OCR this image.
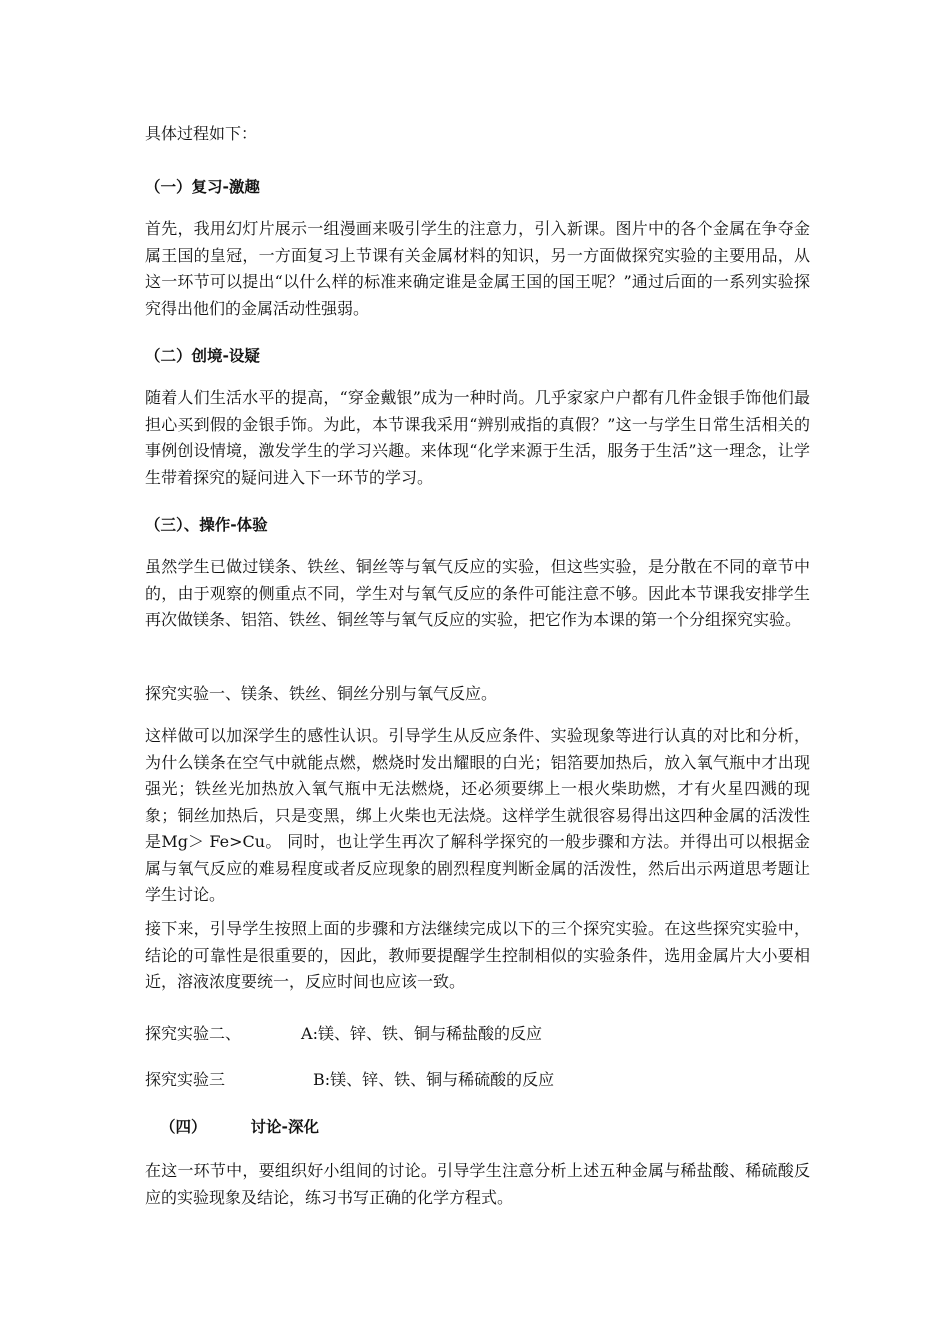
具体过程如下：
（一）复习-激趣
首先，我用幻灯片展示一组漫画来吸引学生的注意力，引入新课。图片中的各个金属在争夺金属王国的皇冠，一方面复习上节课有关金属材料的知识，另一方面做探究实验的主要用品，从这一环节可以提出“以什么样的标准来确定谁是金属王国的国王呢？”通过后面的一系列实验探究得出他们的金属活动性强弱。
（二）创境-设疑
随着人们生活水平的提高，“穿金戴银”成为一种时尚。几乎家家户户都有几件金银手饰他们最担心买到假的金银手饰。为此，本节课我采用“辨别戒指的真假？”这一与学生日常生活相关的事例创设情境，激发学生的学习兴趣。来体现“化学来源于生活，服务于生活”这一理念，让学生带着探究的疑问进入下一环节的学习。
（三）、操作-体验
虽然学生已做过镁条、铁丝、铜丝等与氧气反应的实验，但这些实验，是分散在不同的章节中的，由于观察的侧重点不同，学生对与氧气反应的条件可能注意不够。因此本节课我安排学生再次做镁条、铝箔、铁丝、铜丝等与氧气反应的实验，把它作为本课的第一个分组探究实验。
探究实验一、镁条、铁丝、铜丝分别与氧气反应。
这样做可以加深学生的感性认识。引导学生从反应条件、实验现象等进行认真的对比和分析，为什么镁条在空气中就能点燃，燃烧时发出耀眼的白光；铝箔要加热后，放入氧气瓶中才出现强光；铁丝光加热放入氧气瓶中无法燃烧，还必须要绑上一根火柴助燃，才有火星四溅的现象；铜丝加热后，只是变黑，绑上火柴也无法烧。这样学生就很容易得出这四种金属的活泼性是Mg＞ Fe>Cu。 同时，也让学生再次了解科学探究的一般步骤和方法。并得出可以根据金属与氧气反应的难易程度或者反应现象的剧烈程度判断金属的活泼性，然后出示两道思考题让学生讨论。
接下来，引导学生按照上面的步骤和方法继续完成以下的三个探究实验。在这些探究实验中，结论的可靠性是很重要的，因此，教师要提醒学生控制相似的实验条件，选用金属片大小要相近，溶液浓度要统一，反应时间也应该一致。
探究实验二、	A:镁、锌、铁、铜与稀盐酸的反应
探究实验三	B:镁、锌、铁、铜与稀硫酸的反应
（四）	讨论-深化
在这一环节中，要组织好小组间的讨论。引导学生注意分析上述五种金属与稀盐酸、稀硫酸反应的实验现象及结论，练习书写正确的化学方程式。
